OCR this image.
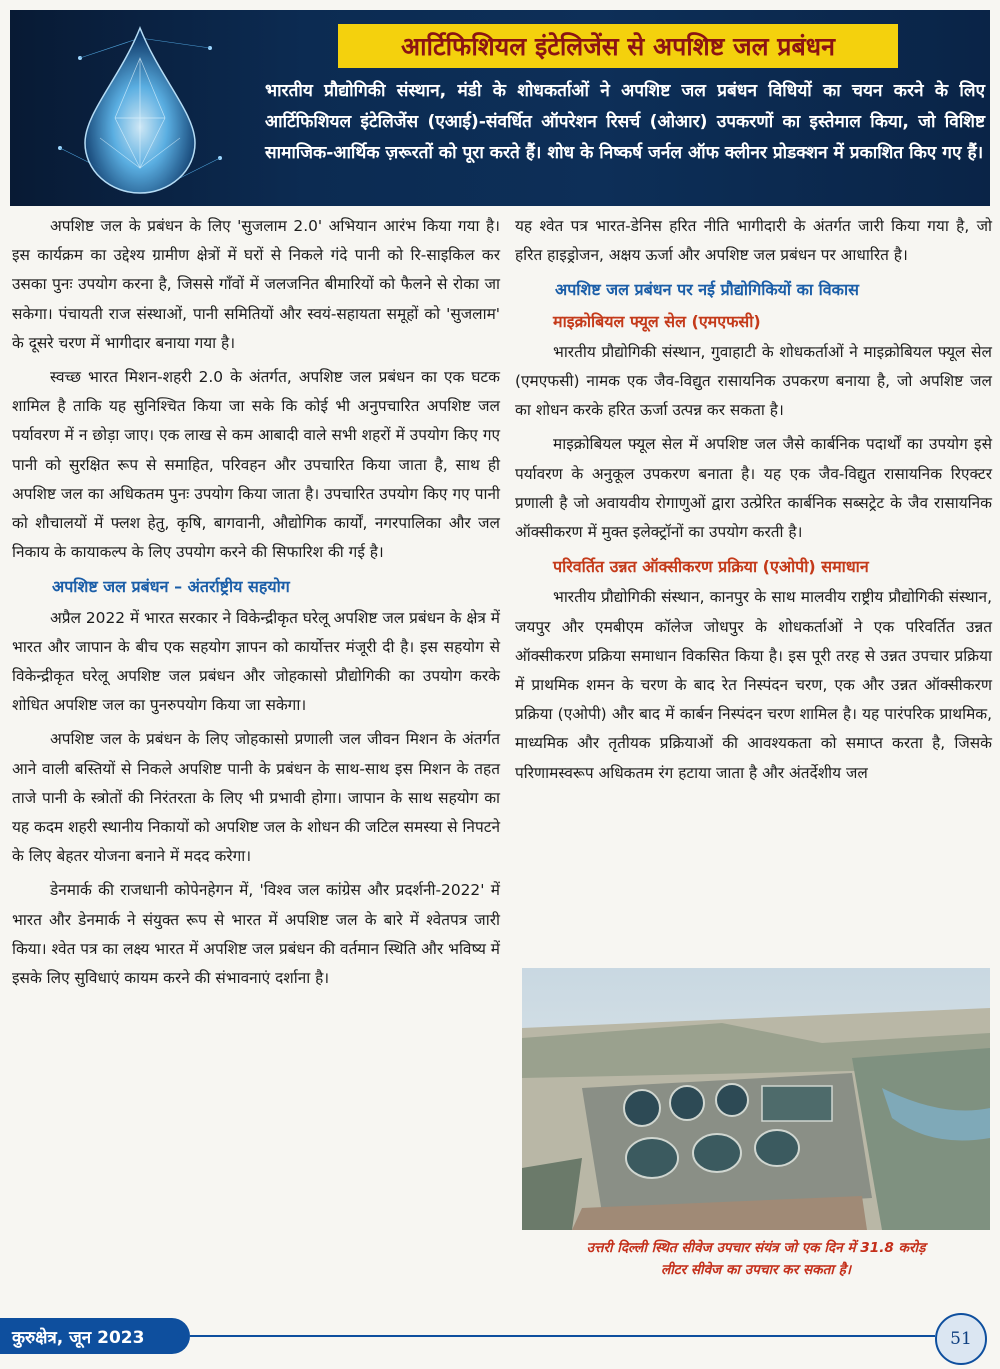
आर्टिफिशियल इंटेलिजेंस से अपशिष्ट जल प्रबंधन
भारतीय प्रौद्योगिकी संस्थान, मंडी के शोधकर्ताओं ने अपशिष्ट जल प्रबंधन विधियों का चयन करने के लिए आर्टिफिशियल इंटेलिजेंस (एआई)-संवर्धित ऑपरेशन रिसर्च (ओआर) उपकरणों का इस्तेमाल किया, जो विशिष्ट सामाजिक-आर्थिक ज़रूरतों को पूरा करते हैं। शोध के निष्कर्ष जर्नल ऑफ क्लीनर प्रोडक्शन में प्रकाशित किए गए हैं।

अपशिष्ट जल के प्रबंधन के लिए 'सुजलाम 2.0' अभियान आरंभ किया गया है। इस कार्यक्रम का उद्देश्य ग्रामीण क्षेत्रों में घरों से निकले गंदे पानी को रि-साइकिल कर उसका पुनः उपयोग करना है, जिससे गाँवों में जलजनित बीमारियों को फैलने से रोका जा सकेगा। पंचायती राज संस्थाओं, पानी समितियों और स्वयं-सहायता समूहों को 'सुजलाम' के दूसरे चरण में भागीदार बनाया गया है।

स्वच्छ भारत मिशन-शहरी 2.0 के अंतर्गत, अपशिष्ट जल प्रबंधन का एक घटक शामिल है ताकि यह सुनिश्चित किया जा सके कि कोई भी अनुपचारित अपशिष्ट जल पर्यावरण में न छोड़ा जाए। एक लाख से कम आबादी वाले सभी शहरों में उपयोग किए गए पानी को सुरक्षित रूप से समाहित, परिवहन और उपचारित किया जाता है, साथ ही अपशिष्ट जल का अधिकतम पुनः उपयोग किया जाता है। उपचारित उपयोग किए गए पानी को शौचालयों में फ्लश हेतु, कृषि, बागवानी, औद्योगिक कार्यों, नगरपालिका और जल निकाय के कायाकल्प के लिए उपयोग करने की सिफारिश की गई है।

अपशिष्ट जल प्रबंधन – अंतर्राष्ट्रीय सहयोग

अप्रैल 2022 में भारत सरकार ने विकेन्द्रीकृत घरेलू अपशिष्ट जल प्रबंधन के क्षेत्र में भारत और जापान के बीच एक सहयोग ज्ञापन को कार्योत्तर मंजूरी दी है। इस सहयोग से विकेन्द्रीकृत घरेलू अपशिष्ट जल प्रबंधन और जोहकासो प्रौद्योगिकी का उपयोग करके शोधित अपशिष्ट जल का पुनरुपयोग किया जा सकेगा।

अपशिष्ट जल के प्रबंधन के लिए जोहकासो प्रणाली जल जीवन मिशन के अंतर्गत आने वाली बस्तियों से निकले अपशिष्ट पानी के प्रबंधन के साथ-साथ इस मिशन के तहत ताजे पानी के स्त्रोतों की निरंतरता के लिए भी प्रभावी होगा। जापान के साथ सहयोग का यह कदम शहरी स्थानीय निकायों को अपशिष्ट जल के शोधन की जटिल समस्या से निपटने के लिए बेहतर योजना बनाने में मदद करेगा।

डेनमार्क की राजधानी कोपेनहेगन में, 'विश्व जल कांग्रेस और प्रदर्शनी-2022' में भारत और डेनमार्क ने संयुक्त रूप से भारत में अपशिष्ट जल के बारे में श्वेतपत्र जारी किया। श्वेत पत्र का लक्ष्य भारत में अपशिष्ट जल प्रबंधन की वर्तमान स्थिति और भविष्य में इसके लिए सुविधाएं कायम करने की संभावनाएं दर्शाना है।

यह श्वेत पत्र भारत-डेनिस हरित नीति भागीदारी के अंतर्गत जारी किया गया है, जो हरित हाइड्रोजन, अक्षय ऊर्जा और अपशिष्ट जल प्रबंधन पर आधारित है।

अपशिष्ट जल प्रबंधन पर नई प्रौद्योगिकियों का विकास
माइक्रोबियल फ्यूल सेल (एमएफसी)

भारतीय प्रौद्योगिकी संस्थान, गुवाहाटी के शोधकर्ताओं ने माइक्रोबियल फ्यूल सेल (एमएफसी) नामक एक जैव-विद्युत रासायनिक उपकरण बनाया है, जो अपशिष्ट जल का शोधन करके हरित ऊर्जा उत्पन्न कर सकता है।

माइक्रोबियल फ्यूल सेल में अपशिष्ट जल जैसे कार्बनिक पदार्थों का उपयोग इसे पर्यावरण के अनुकूल उपकरण बनाता है। यह एक जैव-विद्युत रासायनिक रिएक्टर प्रणाली है जो अवायवीय रोगाणुओं द्वारा उत्प्रेरित कार्बनिक सब्सट्रेट के जैव रासायनिक ऑक्सीकरण में मुक्त इलेक्ट्रॉनों का उपयोग करती है।

परिवर्तित उन्नत ऑक्सीकरण प्रक्रिया (एओपी) समाधान

भारतीय प्रौद्योगिकी संस्थान, कानपुर के साथ मालवीय राष्ट्रीय प्रौद्योगिकी संस्थान, जयपुर और एमबीएम कॉलेज जोधपुर के शोधकर्ताओं ने एक परिवर्तित उन्नत ऑक्सीकरण प्रक्रिया समाधान विकसित किया है। इस पूरी तरह से उन्नत उपचार प्रक्रिया में प्राथमिक शमन के चरण के बाद रेत निस्पंदन चरण, एक और उन्नत ऑक्सीकरण प्रक्रिया (एओपी) और बाद में कार्बन निस्पंदन चरण शामिल है। यह पारंपरिक प्राथमिक, माध्यमिक और तृतीयक प्रक्रियाओं की आवश्यकता को समाप्त करता है, जिसके परिणामस्वरूप अधिकतम रंग हटाया जाता है और अंतर्देशीय जल

उत्तरी दिल्ली स्थित सीवेज उपचार संयंत्र जो एक दिन में 31.8 करोड़
लीटर सीवेज का उपचार कर सकता है।
कुरुक्षेत्र, जून 2023	51
